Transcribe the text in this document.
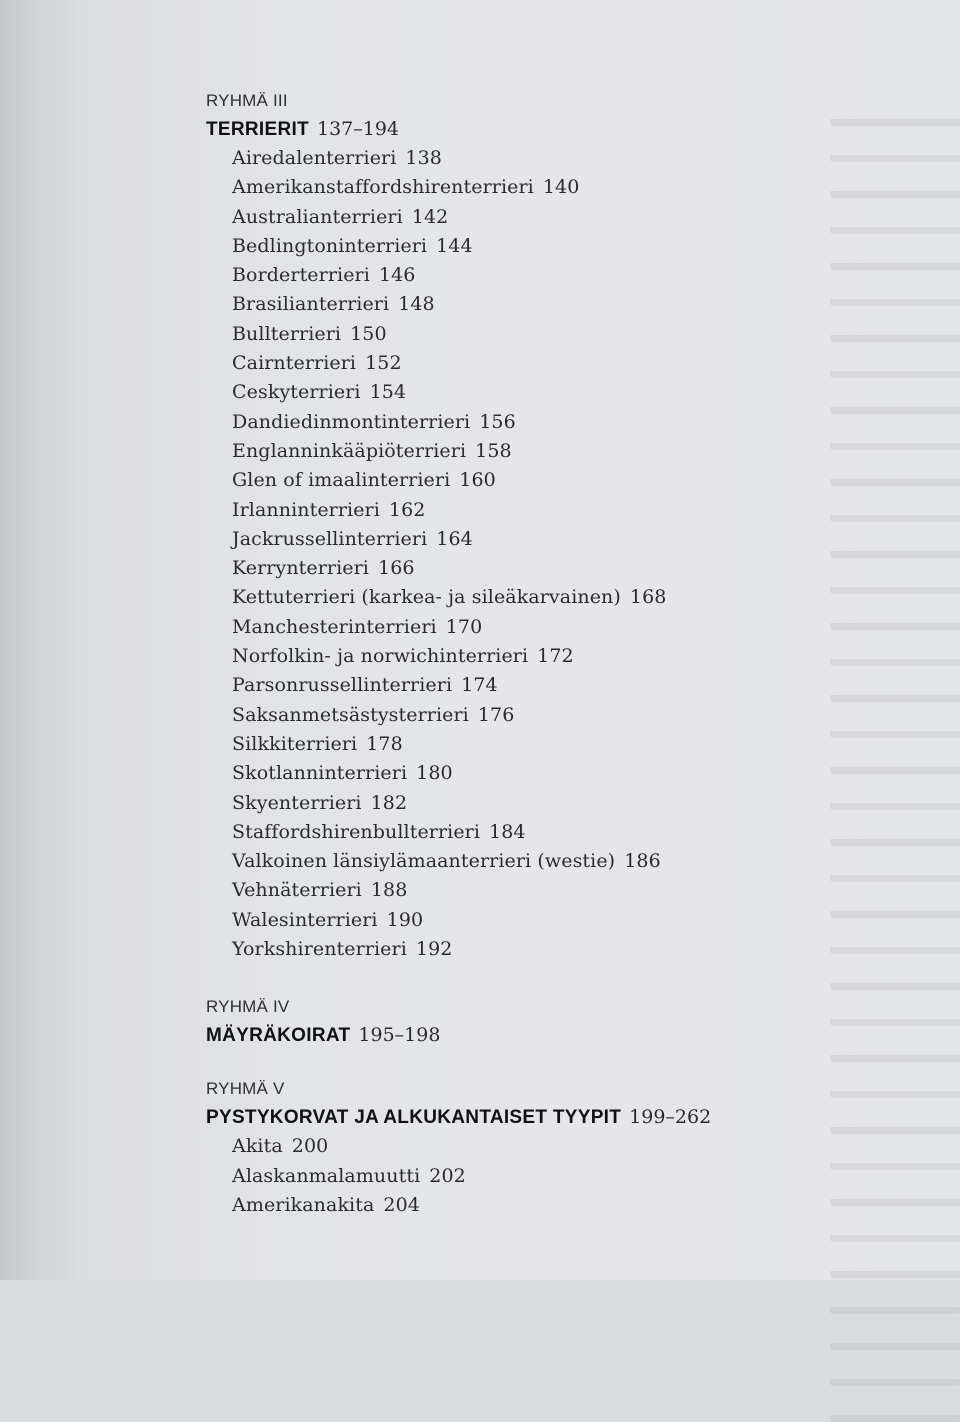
RYHMÄ III
TERRIERIT 137–194
Airedalenterrieri 138
Amerikanstaffordshirenterrieri 140
Australianterrieri 142
Bedlingtoninterrieri 144
Borderterrieri 146
Brasilianterrieri 148
Bullterrieri 150
Cairnterrieri 152
Ceskyterrieri 154
Dandiedinmontinterrieri 156
Englanninkääpiöterrieri 158
Glen of imaalinterrieri 160
Irlanninterrieri 162
Jackrussellinterrieri 164
Kerrynterrieri 166
Kettuterrieri (karkea- ja sileäkarvainen) 168
Manchesterinterrieri 170
Norfolkin- ja norwichinterrieri 172
Parsonrussellinterrieri 174
Saksanmetsästysterrieri 176
Silkkiterrieri 178
Skotlanninterrieri 180
Skyenterrieri 182
Staffordshirenbullterrieri 184
Valkoinen länsiylämaanterrieri (westie) 186
Vehnäterrieri 188
Walesinterrieri 190
Yorkshirenterrieri 192
RYHMÄ IV
MÄYRÄKOIRAT 195–198
RYHMÄ V
PYSTYKORVAT JA ALKUKANTAISET TYYPIT 199–262
Akita 200
Alaskanmalamuutti 202
Amerikanakita 204
